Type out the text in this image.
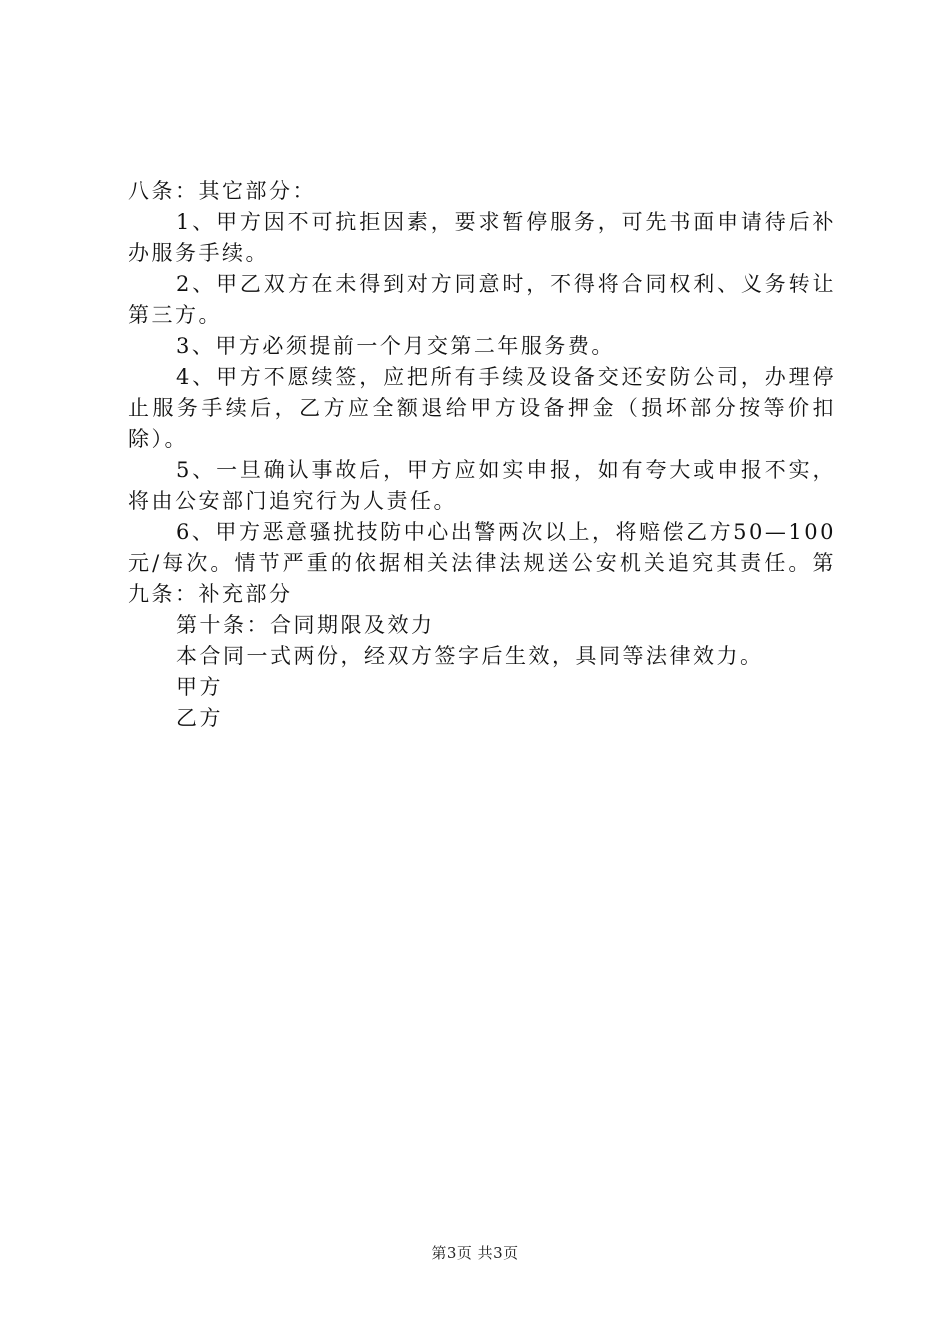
八条：其它部分：

1、甲方因不可抗拒因素，要求暂停服务，可先书面申请待后补办服务手续。

2、甲乙双方在未得到对方同意时，不得将合同权利、义务转让第三方。

3、甲方必须提前一个月交第二年服务费。

4、甲方不愿续签，应把所有手续及设备交还安防公司，办理停止服务手续后，乙方应全额退给甲方设备押金（损坏部分按等价扣除）。

5、一旦确认事故后，甲方应如实申报，如有夸大或申报不实，将由公安部门追究行为人责任。

6、甲方恶意骚扰技防中心出警两次以上，将赔偿乙方50—100元/每次。情节严重的依据相关法律法规送公安机关追究其责任。第九条：补充部分

第十条：合同期限及效力

本合同一式两份，经双方签字后生效，具同等法律效力。

甲方

乙方

第3页 共3页
